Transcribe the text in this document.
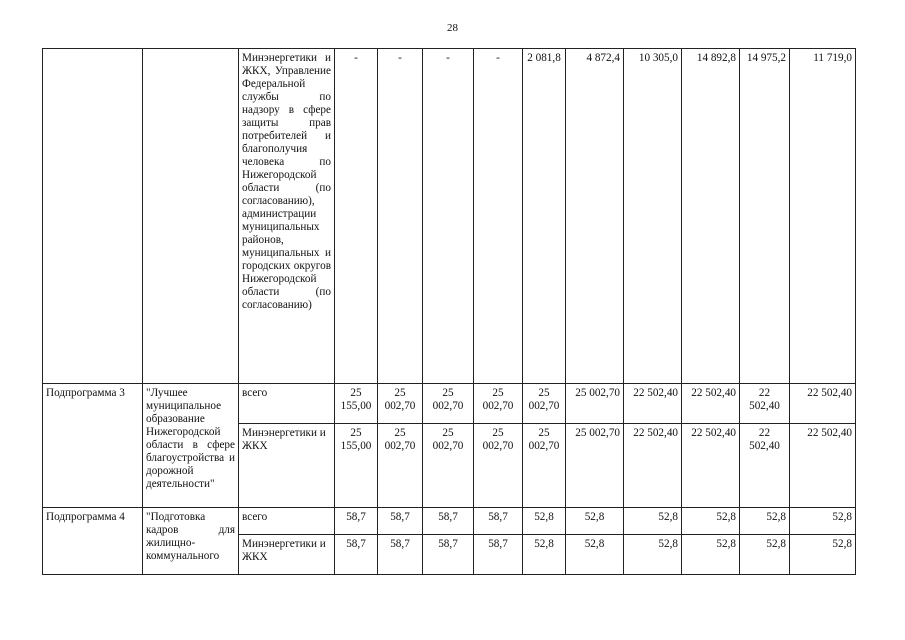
28
		Минэнергетики и ЖКХ, Управление Федеральной службы по надзору в сфере защиты прав потребителей и благополучия человека по Нижегородской области (по согласованию), администрации муниципальных районов, муниципальных и городских округов Нижегородской области (по согласованию)	-	-	-	-	2 081,8	4 872,4	10 305,0	14 892,8	14 975,2	11 719,0
Подпрограмма 3	"Лучшее муниципальное образование Нижегородской области в сфере благоустройства и дорожной деятельности"	всего	25 155,00	25 002,70	25 002,70	25 002,70	25 002,70	25 002,70	22 502,40	22 502,40	22 502,40	22 502,40
		Минэнергетики и ЖКХ	25 155,00	25 002,70	25 002,70	25 002,70	25 002,70	25 002,70	22 502,40	22 502,40	22 502,40	22 502,40
Подпрограмма 4	"Подготовка кадров для жилищно-коммунального	всего	58,7	58,7	58,7	58,7	52,8	52,8	52,8	52,8	52,8	52,8
		Минэнергетики и ЖКХ	58,7	58,7	58,7	58,7	52,8	52,8	52,8	52,8	52,8	52,8
